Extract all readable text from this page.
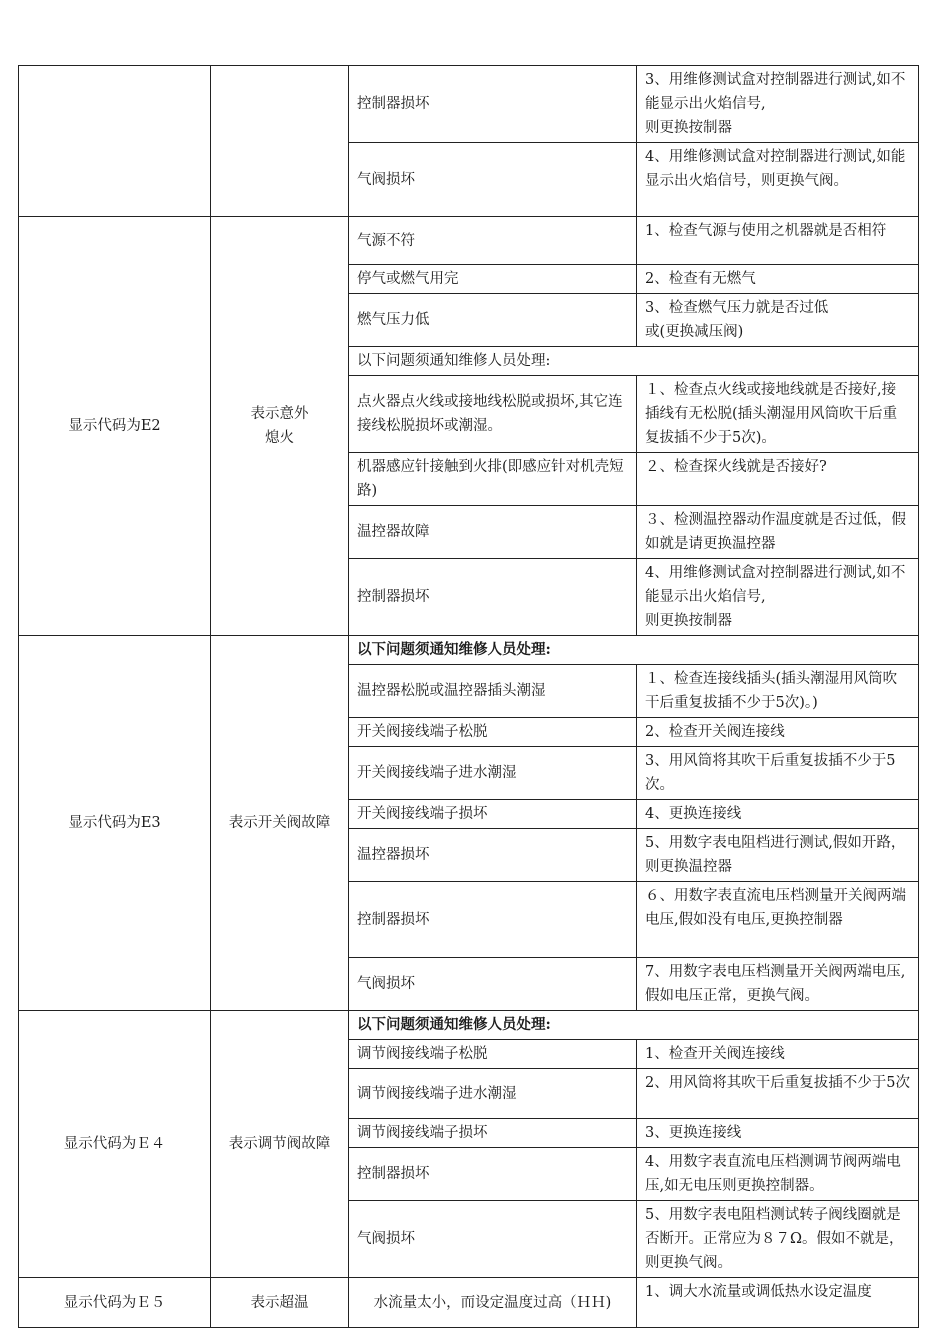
		控制器损坏	3、用维修测试盒对控制器进行测试,如不能显示出火焰信号,
则更换按制器
		气阀损坏	4、用维修测试盒对控制器进行测试,如能显示出火焰信号，则更换气阀。
显示代码为E2	表示意外
熄火	气源不符	1、检查气源与使用之机器就是否相符
		停气或燃气用完	2、检查有无燃气
		燃气压力低	3、检查燃气压力就是否过低
或(更换减压阀)
		以下问题须通知维修人员处理:	
		点火器点火线或接地线松脱或损坏,其它连接线松脱损坏或潮湿。	１、检查点火线或接地线就是否接好,接插线有无松脱(插头潮湿用风筒吹干后重复拔插不少于5次)。
		机器感应针接触到火排(即感应针对机壳短路)	２、检查探火线就是否接好?
		温控器故障	３、检测温控器动作温度就是否过低，假如就是请更换温控器
		控制器损坏	4、用维修测试盒对控制器进行测试,如不能显示出火焰信号,
则更换按制器
显示代码为E3	表示开关阀故障	以下问题须通知维修人员处理:	
		温控器松脱或温控器插头潮湿	１、检查连接线插头(插头潮湿用风筒吹干后重复拔插不少于5次)。)
		开关阀接线端子松脱	2、检查开关阀连接线
		开关阀接线端子进水潮湿	3、用风筒将其吹干后重复拔插不少于5次。
		开关阀接线端子损坏	4、更换连接线
		温控器损坏	5、用数字表电阻档进行测试,假如开路，则更换温控器
		控制器损坏	６、用数字表直流电压档测量开关阀两端电压,假如没有电压,更换控制器
		气阀损坏	7、用数字表电压档测量开关阀两端电压,假如电压正常，更换气阀。
显示代码为Ｅ４	表示调节阀故障	以下问题须通知维修人员处理:	
		调节阀接线端子松脱	1、检查开关阀连接线
		调节阀接线端子进水潮湿	2、用风筒将其吹干后重复拔插不少于5次
		调节阀接线端子损坏	3、更换连接线
		控制器损坏	4、用数字表直流电压档测调节阀两端电压,如无电压则更换控制器。
		气阀损坏	5、用数字表电阻档测试转子阀线圈就是否断开。正常应为８７Ω。假如不就是，则更换气阀。
显示代码为Ｅ５	表示超温	水流量太小，而设定温度过高（ＨＨ)	1、调大水流量或调低热水设定温度
